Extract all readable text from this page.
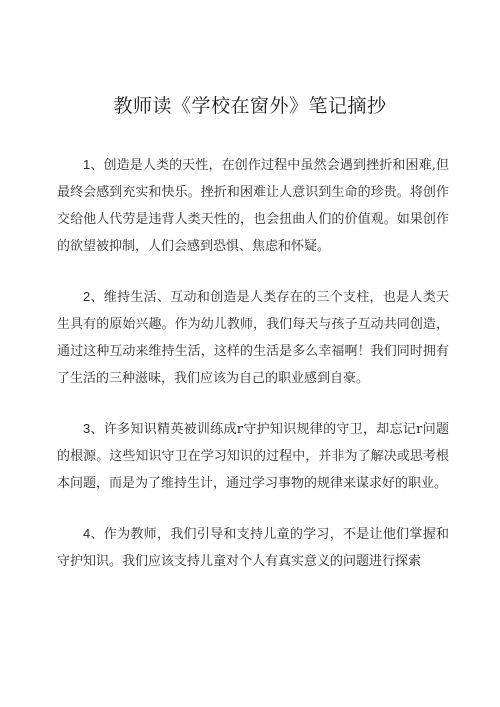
教师读《学校在窗外》笔记摘抄

1、创造是人类的天性，在创作过程中虽然会遇到挫折和困难,但最终会感到充实和快乐。挫折和困难让人意识到生命的珍贵。将创作交给他人代劳是违背人类天性的，也会扭曲人们的价值观。如果创作的欲望被抑制，人们会感到恐惧、焦虑和怀疑。

2、维持生活、互动和创造是人类存在的三个支柱，也是人类天生具有的原始兴趣。作为幼儿教师，我们每天与孩子互动共同创造，通过这种互动来维持生活，这样的生活是多么幸福啊！我们同时拥有了生活的三种滋味，我们应该为自己的职业感到自豪。

3、许多知识精英被训练成r守护知识规律的守卫，却忘记r问题的根源。这些知识守卫在学习知识的过程中，并非为了解决或思考根本问题，而是为了维持生计，通过学习事物的规律来谋求好的职业。

4、作为教师，我们引导和支持儿童的学习，不是让他们掌握和守护知识。我们应该支持儿童对个人有真实意义的问题进行探索
